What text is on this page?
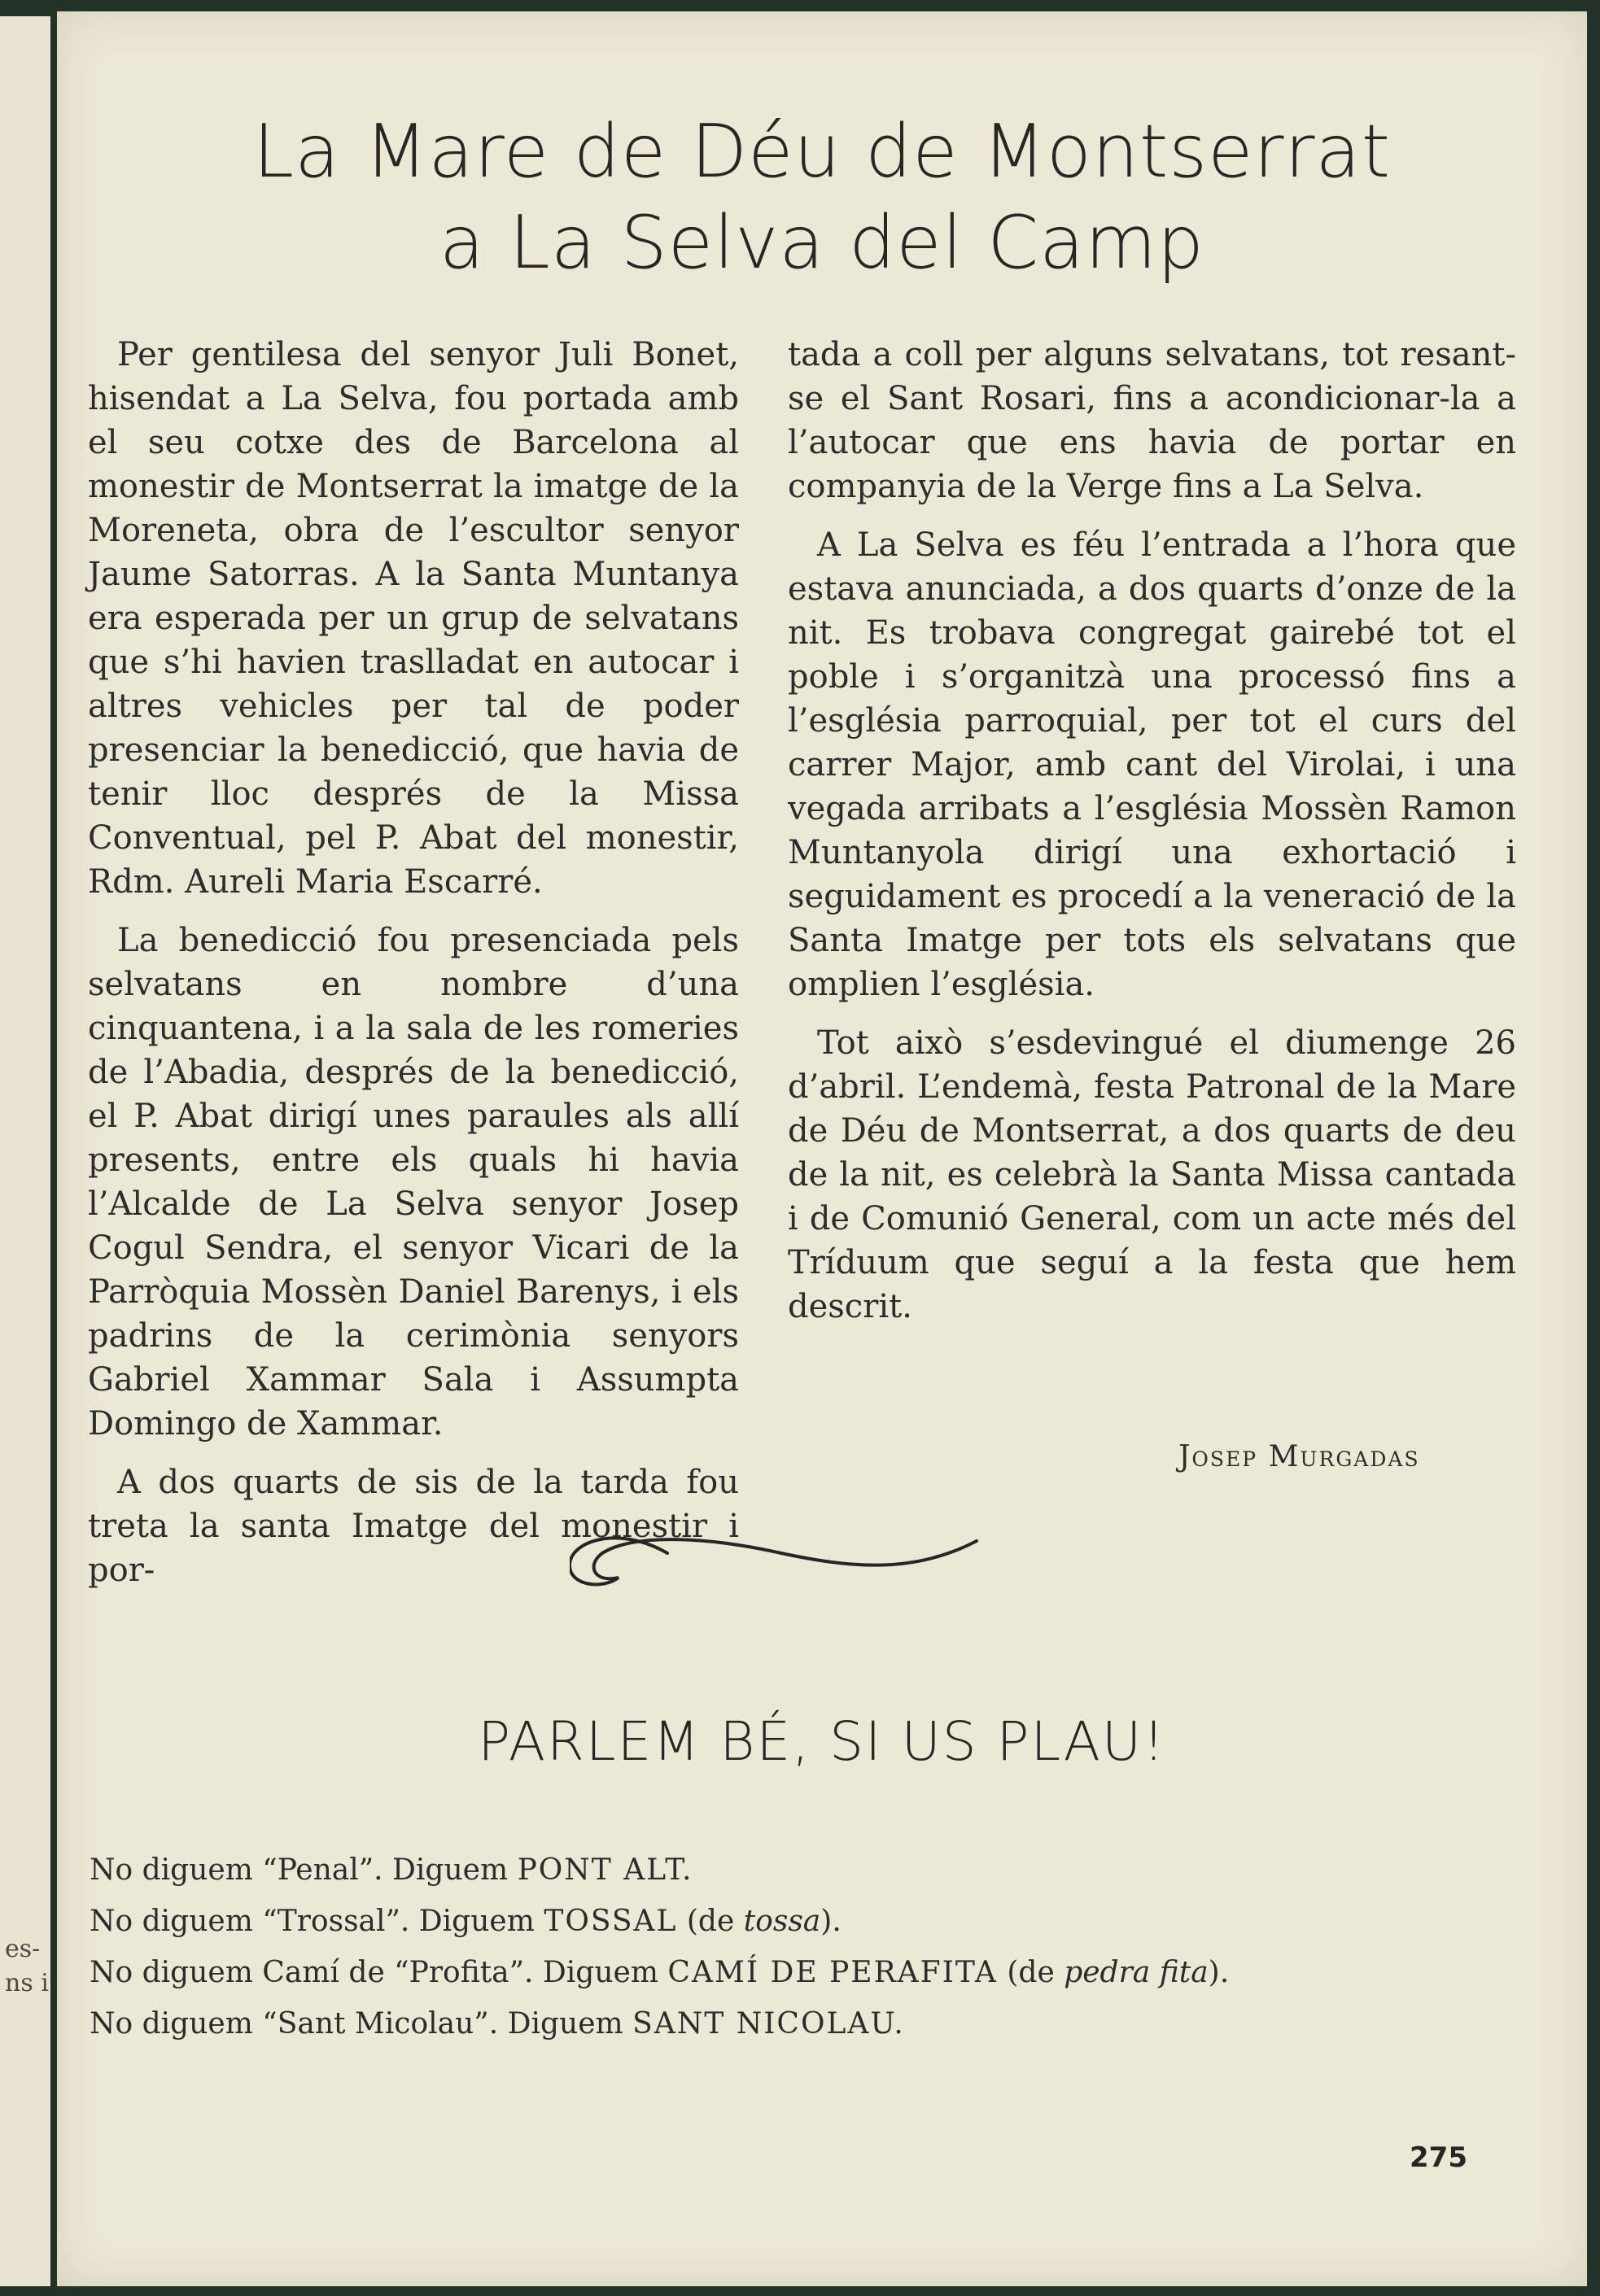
es-
ns i
La Mare de Déu de Montserrat
a La Selva del Camp

Per gentilesa del senyor Juli Bonet, hisendat a La Selva, fou portada amb el seu cotxe des de Barcelona al monestir de Montserrat la imatge de la Moreneta, obra de l’escultor senyor Jaume Satorras. A la Santa Muntanya era esperada per un grup de selvatans que s’hi havien traslladat en autocar i altres vehicles per tal de poder presenciar la benedicció, que havia de tenir lloc després de la Missa Conventual, pel P. Abat del monestir, Rdm. Aureli Maria Escarré.

La benedicció fou presenciada pels selvatans en nombre d’una cinquantena, i a la sala de les romeries de l’Abadia, després de la benedicció, el P. Abat dirigí unes paraules als allí presents, entre els quals hi havia l’Alcalde de La Selva senyor Josep Cogul Sendra, el senyor Vicari de la Parròquia Mossèn Daniel Barenys, i els padrins de la cerimònia senyors Gabriel Xammar Sala i Assumpta Domingo de Xammar.

A dos quarts de sis de la tarda fou treta la santa Imatge del monestir i por-

tada a coll per alguns selvatans, tot resant-se el Sant Rosari, fins a acondicionar-la a l’autocar que ens havia de portar en companyia de la Verge fins a La Selva.

A La Selva es féu l’entrada a l’hora que estava anunciada, a dos quarts d’onze de la nit. Es trobava congregat gairebé tot el poble i s’organitzà una processó fins a l’església parroquial, per tot el curs del carrer Major, amb cant del Virolai, i una vegada arribats a l’església Mossèn Ramon Muntanyola dirigí una exhortació i seguidament es procedí a la veneració de la Santa Imatge per tots els selvatans que omplien l’església.

Tot això s’esdevingué el diumenge 26 d’abril. L’endemà, festa Patronal de la Mare de Déu de Montserrat, a dos quarts de deu de la nit, es celebrà la Santa Missa cantada i de Comunió General, com un acte més del Tríduum que seguí a la festa que hem descrit.

Josep Murgadas
PARLEM BÉ, SI US PLAU!
No diguem “Penal”. Diguem PONT ALT.
No diguem “Trossal”. Diguem TOSSAL (de tossa).
No diguem Camí de “Profita”. Diguem CAMÍ DE PERAFITA (de pedra fita).
No diguem “Sant Micolau”. Diguem SANT NICOLAU.
275
